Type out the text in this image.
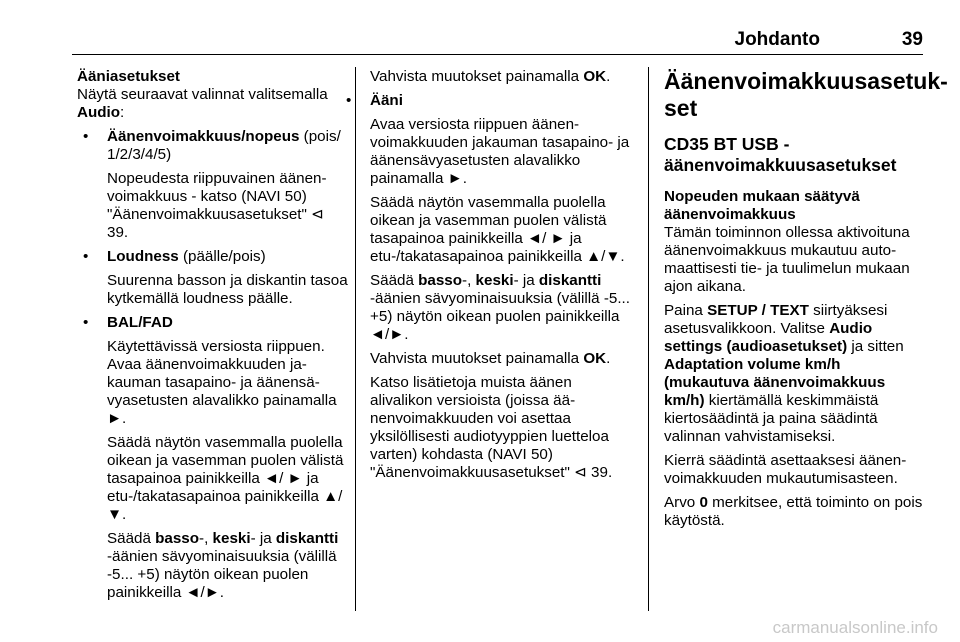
Johdanto	39
Ääniasetukset

Näytä seuraavat valinnat valitsemalla Audio:

• Äänenvoimakkuus/nopeus (pois/ 1/2/3/4/5)

Nopeudesta riippuvainen äänenvoimakkuus - katso (NAVI 50) "Äänenvoimakkuusasetukset" ⊲ 39.

• Loudness (päälle/pois)

Suurenna basson ja diskantin tasoa kytkemällä loudness päälle.

• BAL/FAD

Käytettävissä versiosta riippuen. Avaa äänenvoimakkuuden jakauman tasapaino- ja äänensävyasetusten alavalikko painamalla ►.

Säädä näytön vasemmalla puolella oikean ja vasemman puolen välistä tasapainoa painikkeilla ◄/ ► ja etu-/takatasapainoa painikkeilla ▲/▼.

Säädä basso-, keski- ja diskantti -äänien sävyominaisuuksia (välillä -5... +5) näytön oikean puolen painikkeilla ◄/►.

Vahvista muutokset painamalla OK.

• Ääni

Avaa versiosta riippuen äänenvoimakkuuden jakauman tasapaino- ja äänensävyasetusten alavalikko painamalla ►.

Säädä näytön vasemmalla puolella oikean ja vasemman puolen välistä tasapainoa painikkeilla ◄/ ► ja etu-/takatasapainoa painikkeilla ▲/▼.

Säädä basso-, keski- ja diskantti -äänien sävyominaisuuksia (välillä -5... +5) näytön oikean puolen painikkeilla ◄/►.

Vahvista muutokset painamalla OK.

Katso lisätietoja muista äänen alivalikon versioista (joissa äänenvoimakkuuden voi asettaa yksilöllisesti audiotyyppien luetteloa varten) kohdasta (NAVI 50) "Äänenvoimakkuusasetukset" ⊲ 39.

Äänenvoimakkuusasetukset
CD35 BT USB - äänenvoimakkuusasetukset
Nopeuden mukaan säätyvä äänenvoimakkuus

Tämän toiminnon ollessa aktivoituna äänenvoimakkuus mukautuu automaattisesti tie- ja tuulimelun mukaan ajon aikana.

Paina SETUP / TEXT siirtyäksesi asetusvalikkoon. Valitse Audio settings (audioasetukset) ja sitten Adaptation volume km/h (mukautuva äänenvoimakkuus km/h) kiertämällä keskimmäistä kiertosäädintä ja paina säädintä valinnan vahvistamiseksi.

Kierrä säädintä asettaaksesi äänenvoimakkuuden mukautumisasteen.

Arvo 0 merkitsee, että toiminto on pois käytöstä.

carmanualsonline.info
